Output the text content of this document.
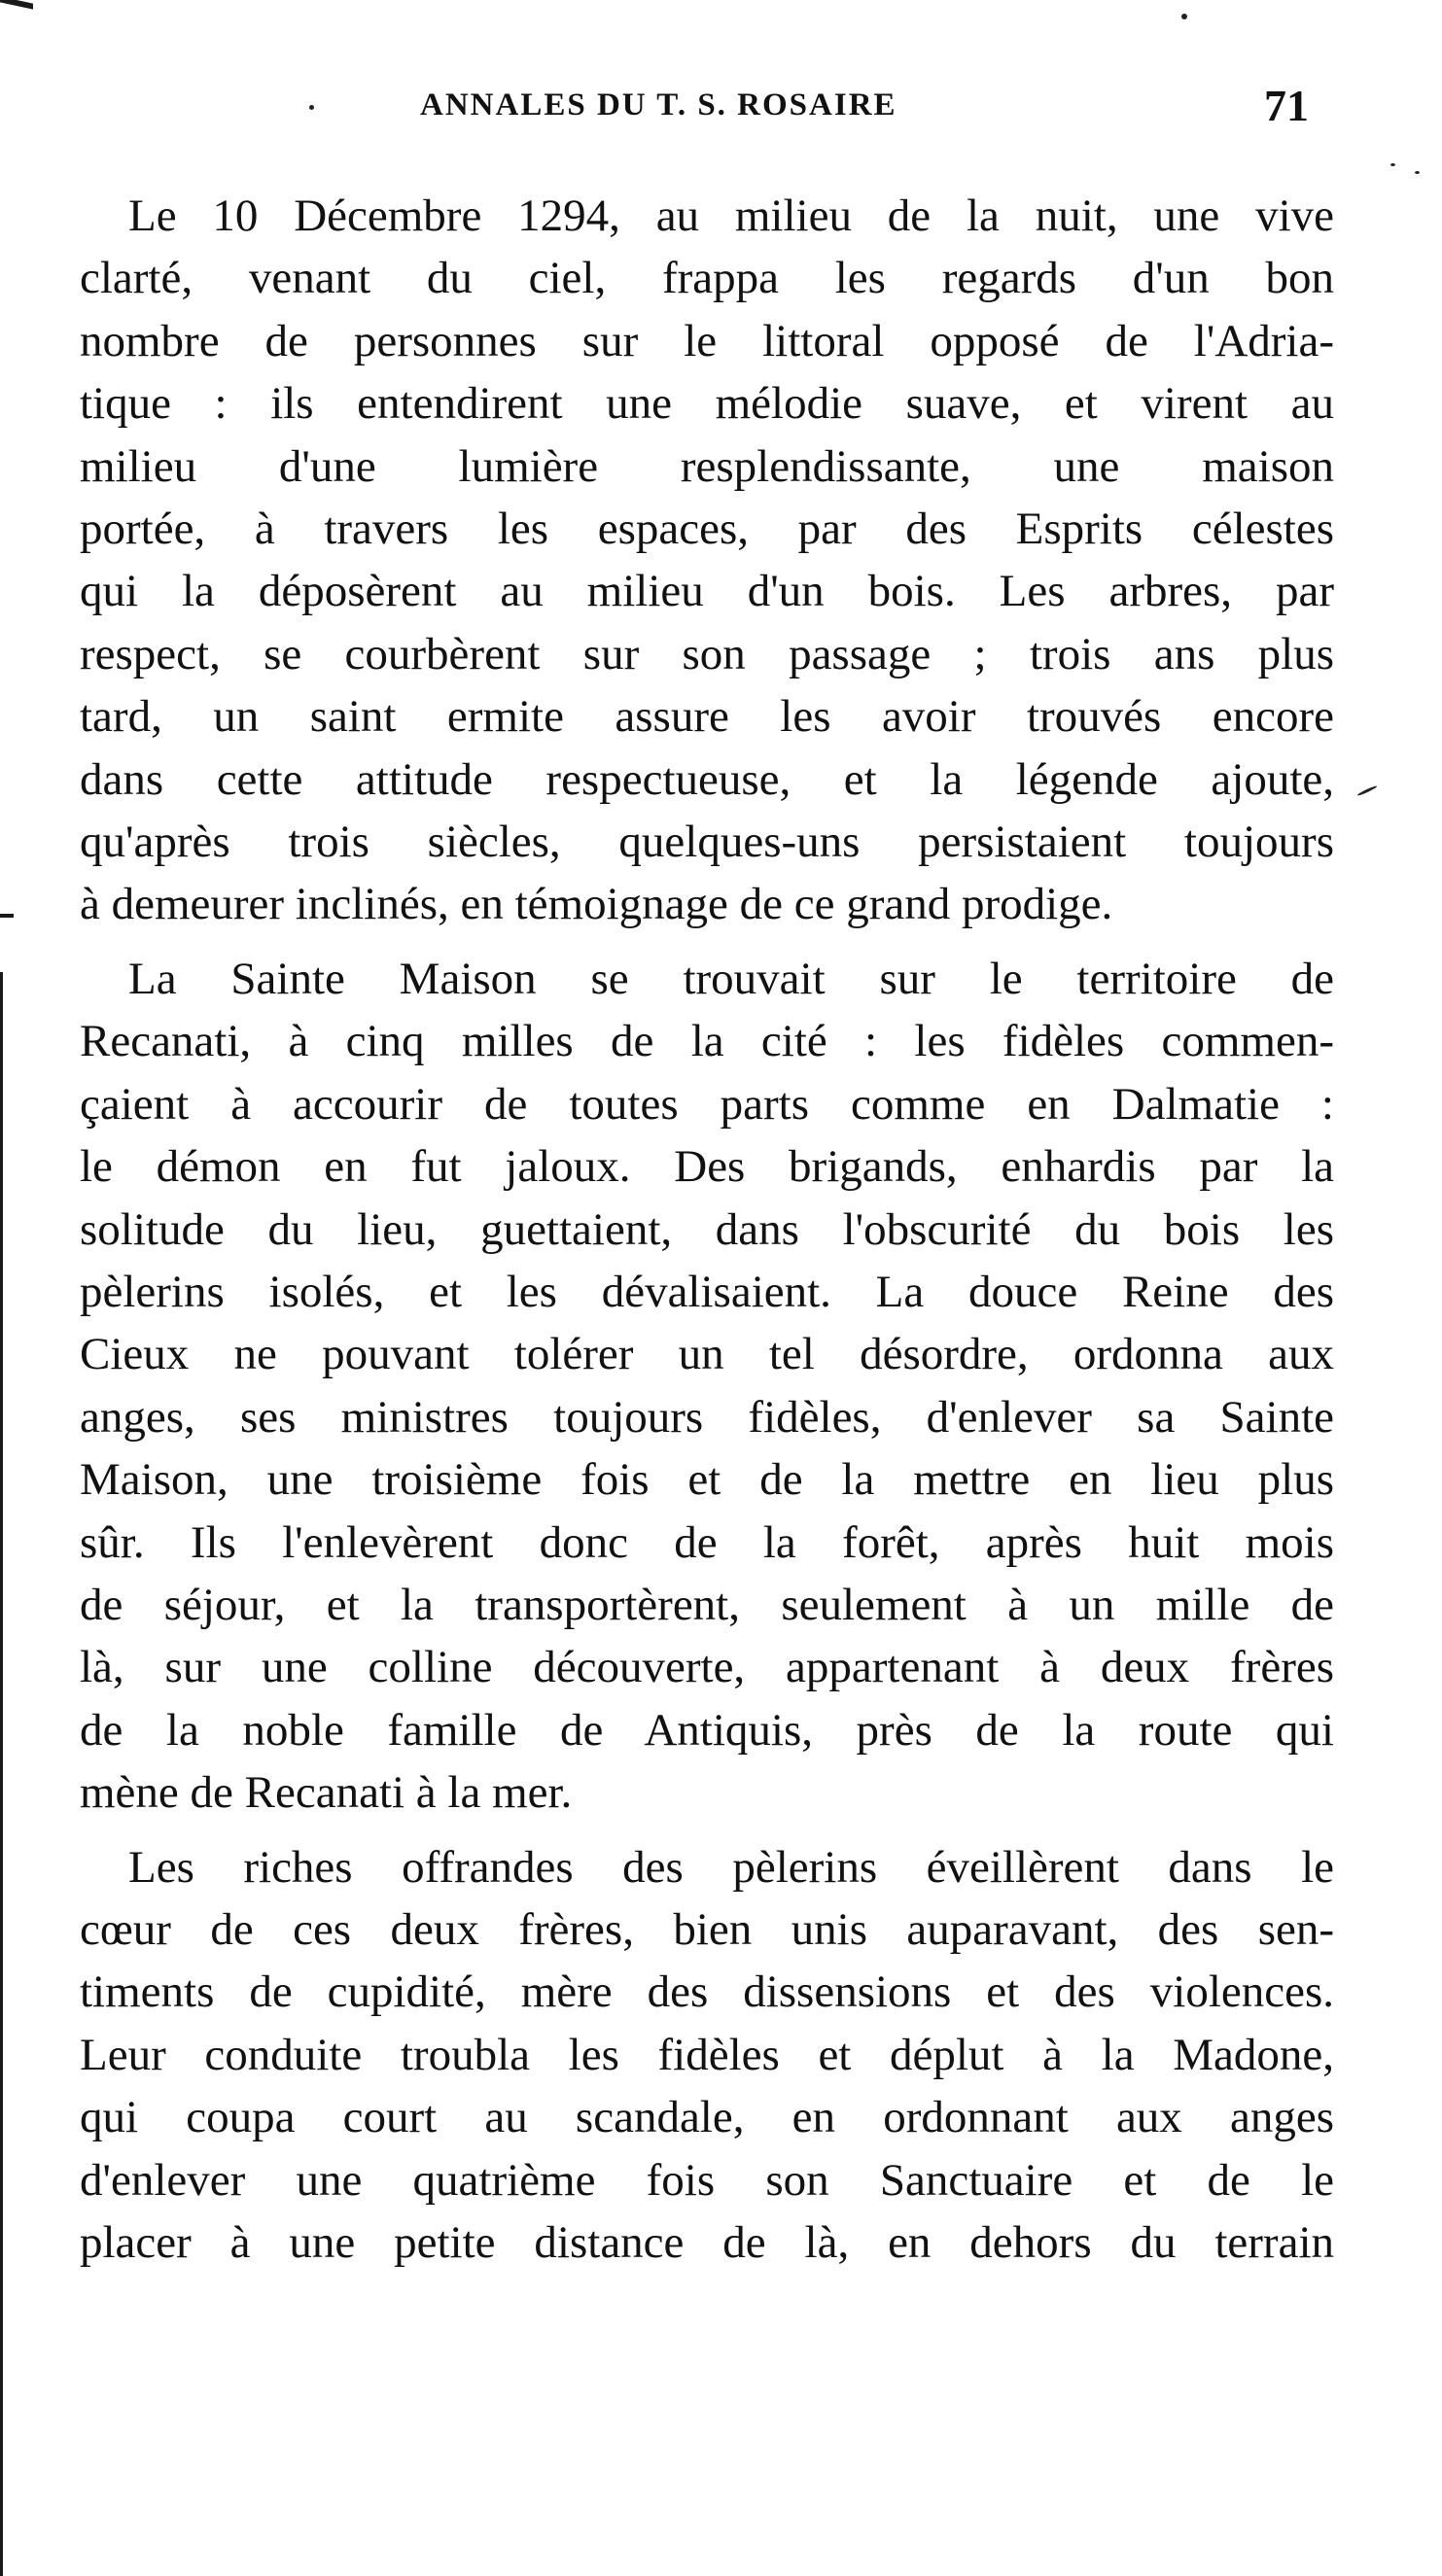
ANNALES DU T. S. ROSAIRE	71

Le 10 Décembre 1294, au milieu de la nuit, une vive
clarté, venant du ciel, frappa les regards d'un bon
nombre de personnes sur le littoral opposé de l'Adria-
tique : ils entendirent une mélodie suave, et virent au
milieu d'une lumière resplendissante, une maison
portée, à travers les espaces, par des Esprits célestes
qui la déposèrent au milieu d'un bois. Les arbres, par
respect, se courbèrent sur son passage ; trois ans plus
tard, un saint ermite assure les avoir trouvés encore
dans cette attitude respectueuse, et la légende ajoute,
qu'après trois siècles, quelques-uns persistaient toujours
à demeurer inclinés, en témoignage de ce grand prodige.

La Sainte Maison se trouvait sur le territoire de
Recanati, à cinq milles de la cité : les fidèles commen-
çaient à accourir de toutes parts comme en Dalmatie :
le démon en fut jaloux. Des brigands, enhardis par la
solitude du lieu, guettaient, dans l'obscurité du bois les
pèlerins isolés, et les dévalisaient. La douce Reine des
Cieux ne pouvant tolérer un tel désordre, ordonna aux
anges, ses ministres toujours fidèles, d'enlever sa Sainte
Maison, une troisième fois et de la mettre en lieu plus
sûr. Ils l'enlevèrent donc de la forêt, après huit mois
de séjour, et la transportèrent, seulement à un mille de
là, sur une colline découverte, appartenant à deux frères
de la noble famille de Antiquis, près de la route qui
mène de Recanati à la mer.

Les riches offrandes des pèlerins éveillèrent dans le
cœur de ces deux frères, bien unis auparavant, des sen-
timents de cupidité, mère des dissensions et des violences.
Leur conduite troubla les fidèles et déplut à la Madone,
qui coupa court au scandale, en ordonnant aux anges
d'enlever une quatrième fois son Sanctuaire et de le
placer à une petite distance de là, en dehors du terrain
